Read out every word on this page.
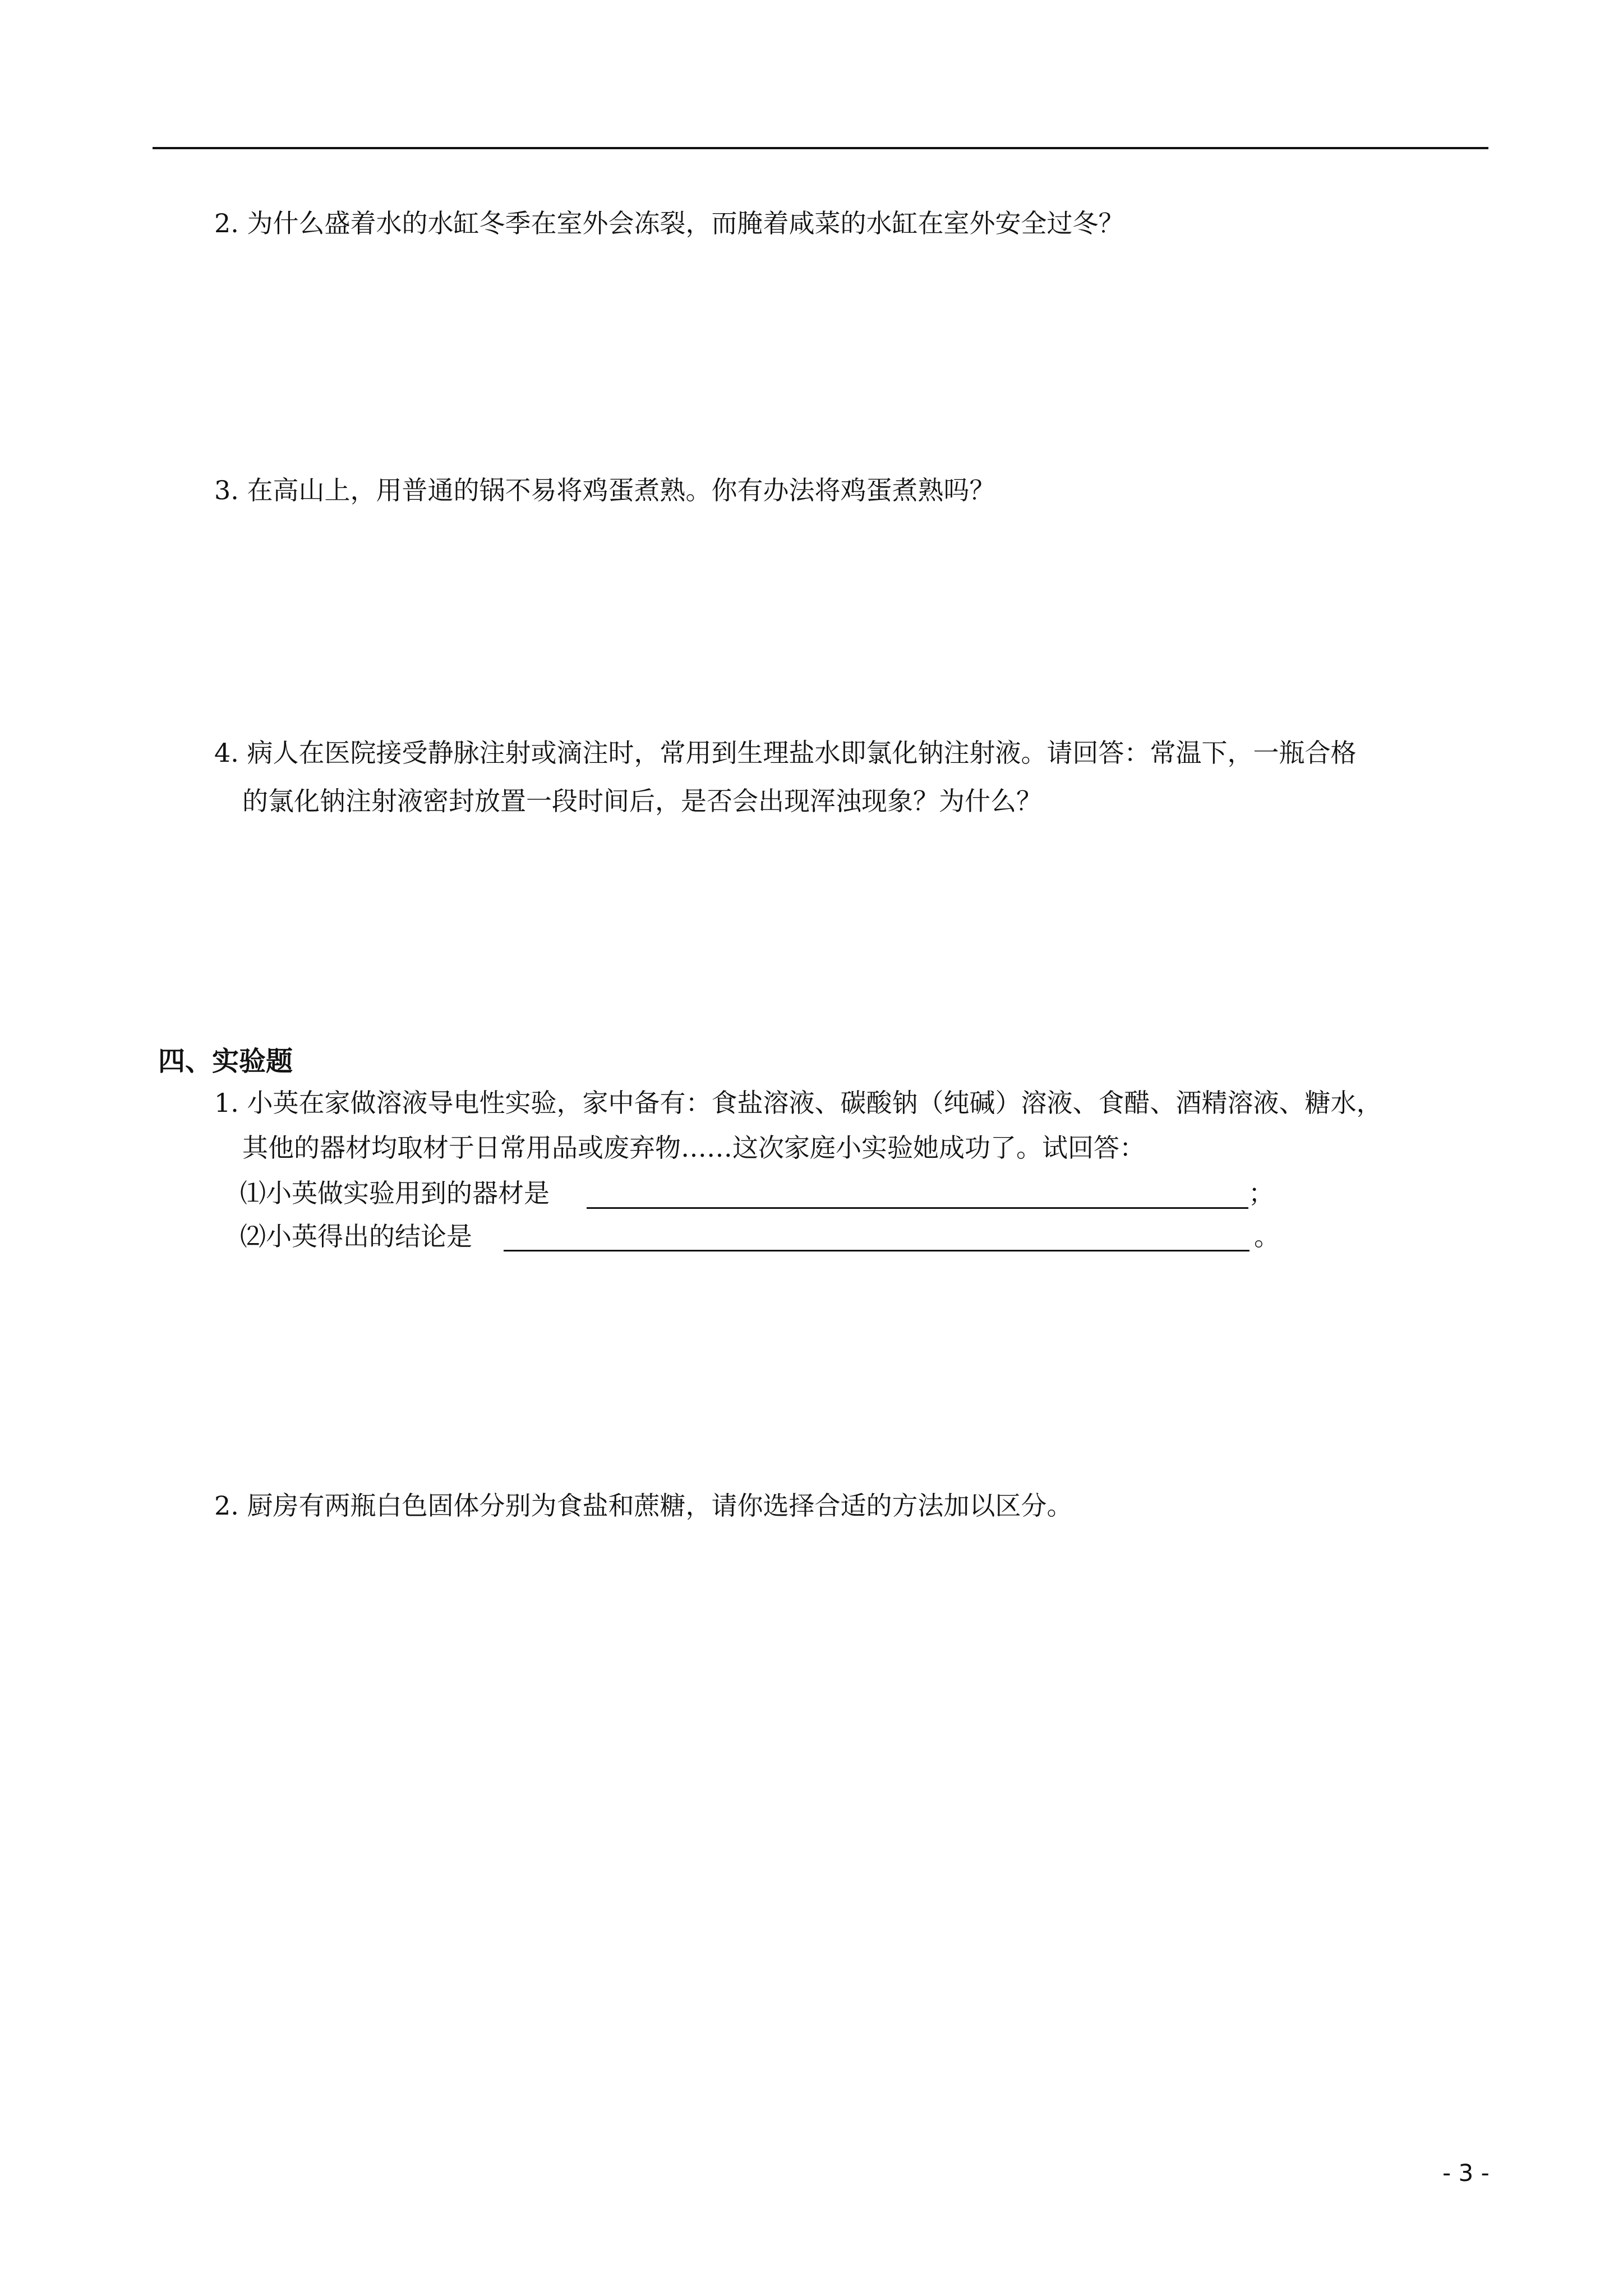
2. 为什么盛着水的水缸冬季在室外会冻裂，而腌着咸菜的水缸在室外安全过冬？
3. 在高山上，用普通的锅不易将鸡蛋煮熟。你有办法将鸡蛋煮熟吗？
4. 病人在医院接受静脉注射或滴注时，常用到生理盐水即氯化钠注射液。请回答：常温下，一瓶合格
的氯化钠注射液密封放置一段时间后，是否会出现浑浊现象？为什么？
四、实验题
1. 小英在家做溶液导电性实验，家中备有：食盐溶液、碳酸钠（纯碱）溶液、食醋、酒精溶液、糖水，
其他的器材均取材于日常用品或废弃物……这次家庭小实验她成功了。试回答：
⑴小英做实验用到的器材是	；
⑵小英得出的结论是	。
2. 厨房有两瓶白色固体分别为食盐和蔗糖，请你选择合适的方法加以区分。
- 3 -
